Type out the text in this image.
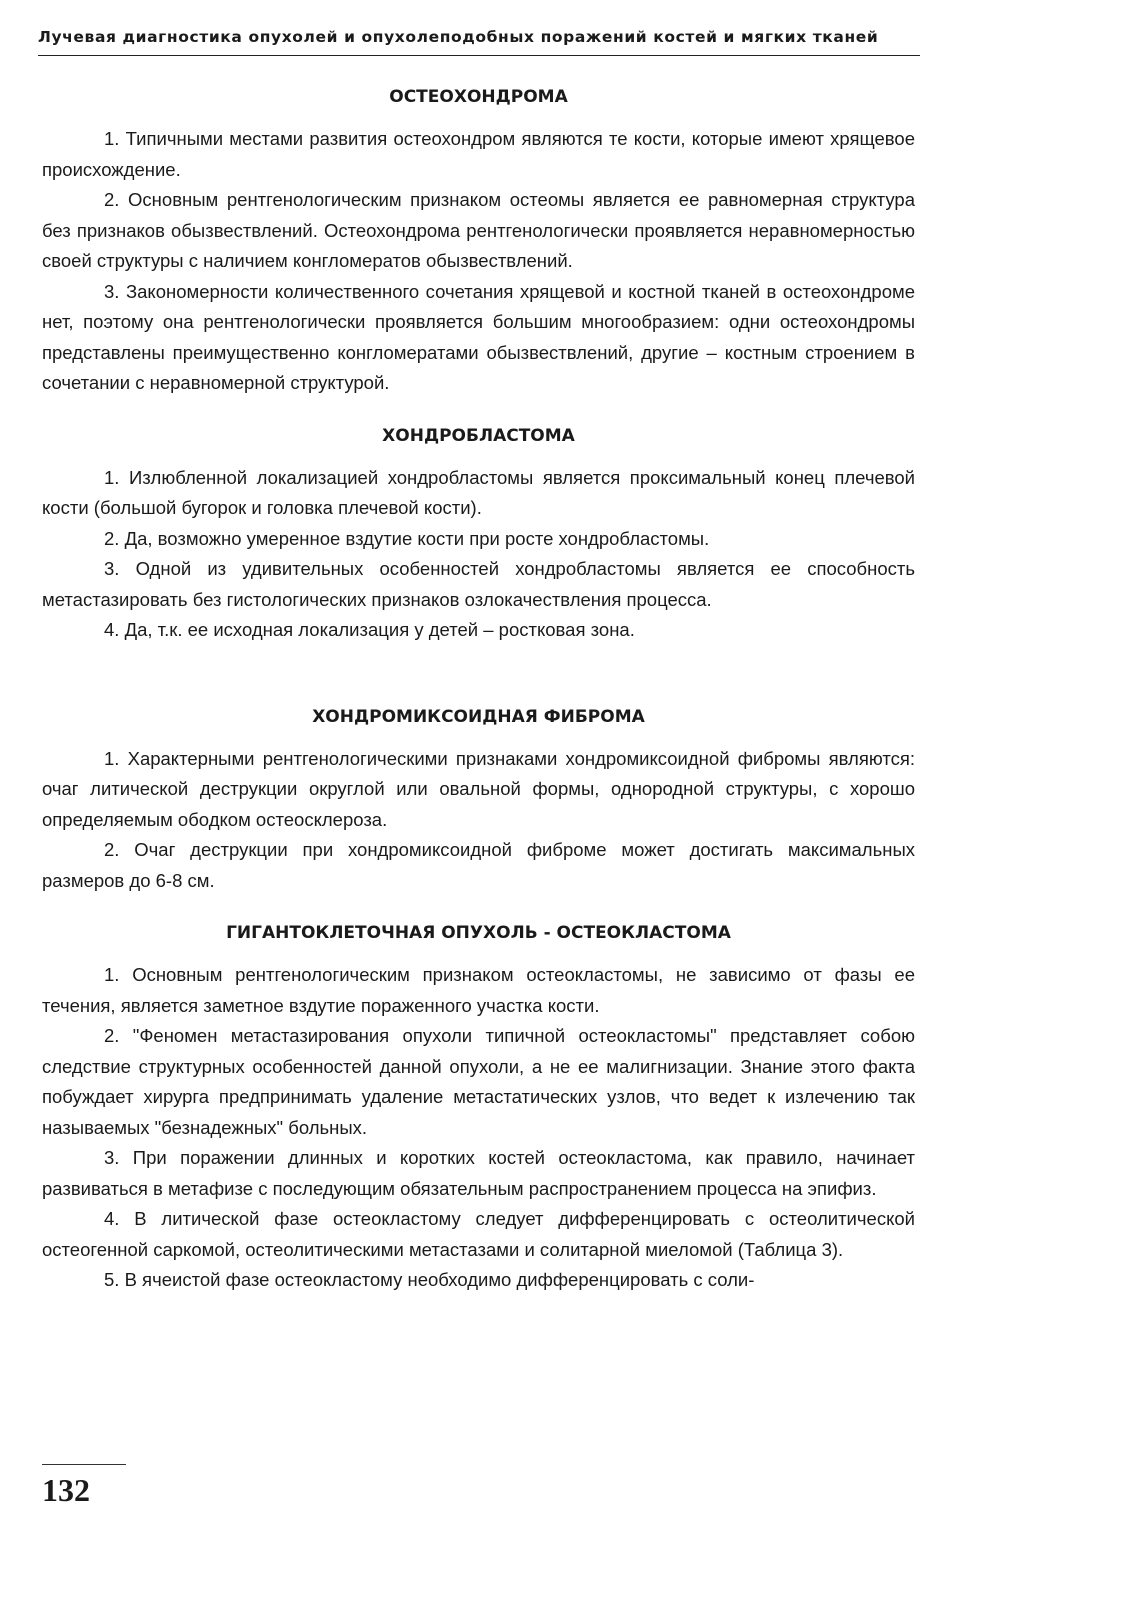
Лучевая диагностика опухолей и опухолеподобных поражений костей и мягких тканей
ОСТЕОХОНДРОМА

1. Типичными местами развития остеохондром являются те кости, которые имеют хрящевое происхождение.

2. Основным рентгенологическим признаком остеомы является ее равномерная структура без признаков обызвествлений. Остеохондрома рентгенологически проявляется неравномерностью своей структуры с наличием конгломератов обызвествлений.

3. Закономерности количественного сочетания хрящевой и костной тканей в остеохондроме нет, поэтому она рентгенологически проявляется большим многообразием: одни остеохондромы представлены преимущественно конгломератами обызвествлений, другие – костным строением в сочетании с неравномерной структурой.

ХОНДРОБЛАСТОМА

1. Излюбленной локализацией хондробластомы является проксимальный конец плечевой кости (большой бугорок и головка плечевой кости).

2. Да, возможно умеренное вздутие кости при росте хондробластомы.

3. Одной из удивительных особенностей хондробластомы является ее способность метастазировать без гистологических признаков озлокачествления процесса.

4. Да, т.к. ее исходная локализация у детей – ростковая зона.

ХОНДРОМИКСОИДНАЯ ФИБРОМА

1. Характерными рентгенологическими признаками хондромиксоидной фибромы являются: очаг литической деструкции округлой или овальной формы, однородной структуры, с хорошо определяемым ободком остеосклероза.

2. Очаг деструкции при хондромиксоидной фиброме может достигать максимальных размеров до 6-8 см.

ГИГАНТОКЛЕТОЧНАЯ ОПУХОЛЬ - ОСТЕОКЛАСТОМА

1. Основным рентгенологическим признаком остеокластомы, не зависимо от фазы ее течения, является заметное вздутие пораженного участка кости.

2. "Феномен метастазирования опухоли типичной остеокластомы" представляет собою следствие структурных особенностей данной опухоли, а не ее малигнизации. Знание этого факта побуждает хирурга предпринимать удаление метастатических узлов, что ведет к излечению так называемых "безнадежных" больных.

3. При поражении длинных и коротких костей остеокластома, как правило, начинает развиваться в метафизе с последующим обязательным распространением процесса на эпифиз.

4. В литической фазе остеокластому следует дифференцировать с остеолитической остеогенной саркомой, остеолитическими метастазами и солитарной миеломой (Таблица 3).

5. В ячеистой фазе остеокластому необходимо дифференцировать с соли-

132
